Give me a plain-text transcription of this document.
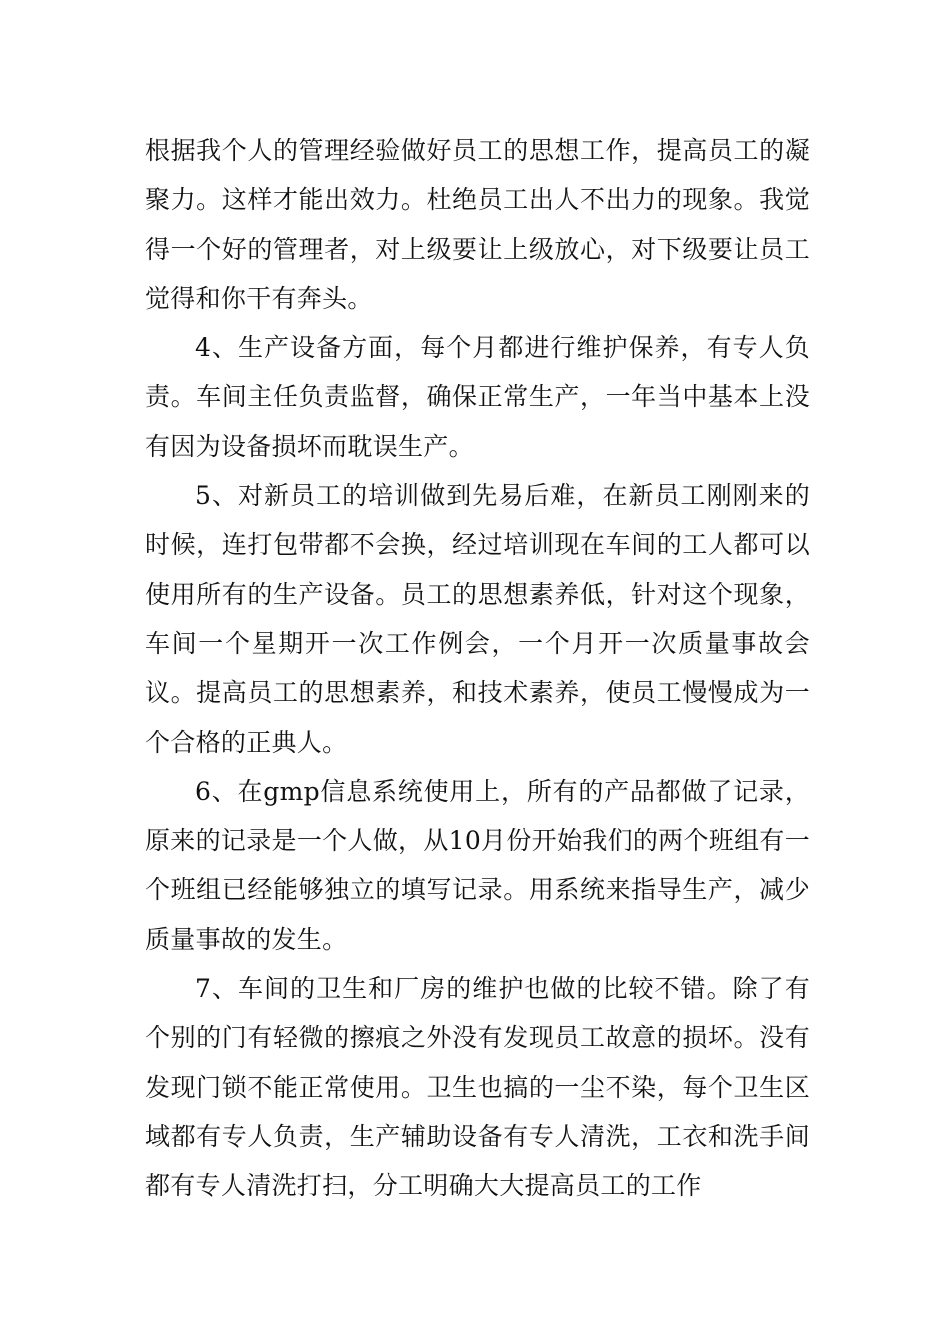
根据我个人的管理经验做好员工的思想工作，提高员工的凝聚力。这样才能出效力。杜绝员工出人不出力的现象。我觉得一个好的管理者，对上级要让上级放心，对下级要让员工觉得和你干有奔头。

4、生产设备方面，每个月都进行维护保养，有专人负责。车间主任负责监督，确保正常生产，一年当中基本上没有因为设备损坏而耽误生产。

5、对新员工的培训做到先易后难，在新员工刚刚来的时候，连打包带都不会换，经过培训现在车间的工人都可以使用所有的生产设备。员工的思想素养低，针对这个现象，车间一个星期开一次工作例会，一个月开一次质量事故会议。提高员工的思想素养，和技术素养，使员工慢慢成为一个合格的正典人。

6、在gmp信息系统使用上，所有的产品都做了记录，原来的记录是一个人做，从10月份开始我们的两个班组有一个班组已经能够独立的填写记录。用系统来指导生产，减少质量事故的发生。

7、车间的卫生和厂房的维护也做的比较不错。除了有个别的门有轻微的擦痕之外没有发现员工故意的损坏。没有发现门锁不能正常使用。卫生也搞的一尘不染，每个卫生区域都有专人负责，生产辅助设备有专人清洗，工衣和洗手间都有专人清洗打扫，分工明确大大提高员工的工作
